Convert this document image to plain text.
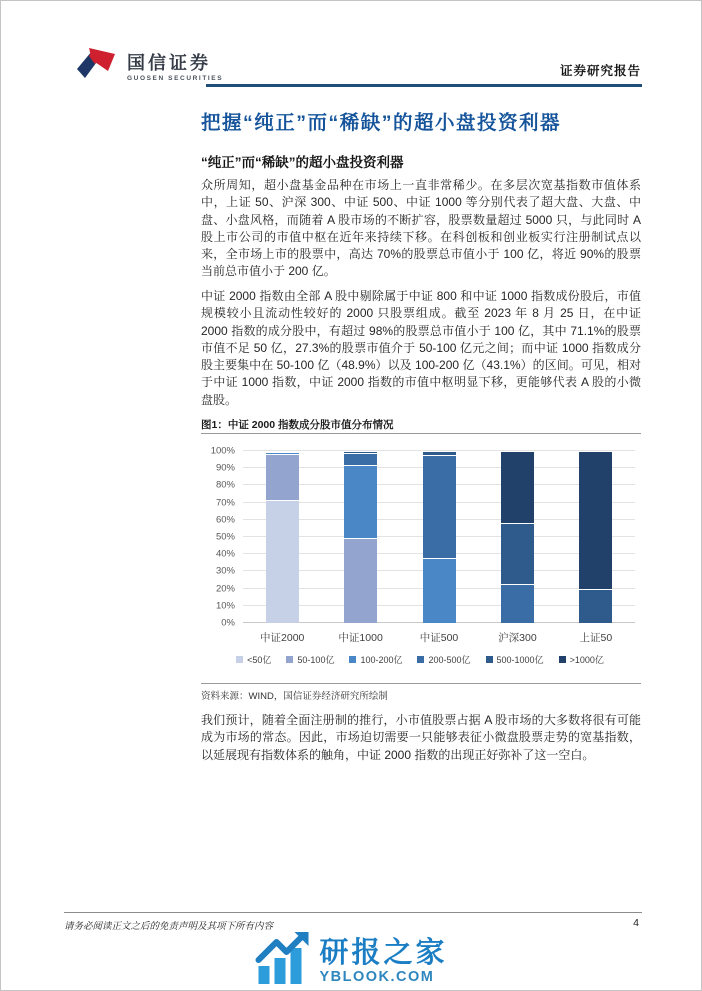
国信证券
GUOSEN SECURITIES
证券研究报告
把握“纯正”而“稀缺”的超小盘投资利器
“纯正”而“稀缺”的超小盘投资利器
众所周知，超小盘基金品种在市场上一直非常稀少。在多层次宽基指数市值体系中，上证 50、沪深 300、中证 500、中证 1000 等分别代表了超大盘、大盘、中盘、小盘风格，而随着 A 股市场的不断扩容，股票数量超过 5000 只，与此同时 A 股上市公司的市值中枢在近年来持续下移。在科创板和创业板实行注册制试点以来，全市场上市的股票中，高达 70%的股票总市值小于 100 亿，将近 90%的股票当前总市值小于 200 亿。
中证 2000 指数由全部 A 股中剔除属于中证 800 和中证 1000 指数成份股后，市值规模较小且流动性较好的 2000 只股票组成。截至 2023 年 8 月 25 日，在中证 2000 指数的成分股中，有超过 98%的股票总市值小于 100 亿，其中 71.1%的股票市值不足 50 亿，27.3%的股票市值介于 50-100 亿元之间；而中证 1000 指数成分股主要集中在 50-100 亿（48.9%）以及 100-200 亿（43.1%）的区间。可见，相对于中证 1000 指数，中证 2000 指数的市值中枢明显下移，更能够代表 A 股的小微盘股。
图1：中证 2000 指数成分股市值分布情况
0%
10%
20%
30%
40%
50%
60%
70%
80%
90%
100%
中证2000	中证1000	中证500	沪深300	上证50
<50亿	50-100亿	100-200亿	200-500亿	500-1000亿	>1000亿
资料来源：WIND，国信证券经济研究所绘制
我们预计，随着全面注册制的推行，小市值股票占据 A 股市场的大多数将很有可能成为市场的常态。因此，市场迫切需要一只能够表征小微盘股票走势的宽基指数，以延展现有指数体系的触角，中证 2000 指数的出现正好弥补了这一空白。
请务必阅读正文之后的免责声明及其项下所有内容	4
研报之家
YBLOOK.COM
